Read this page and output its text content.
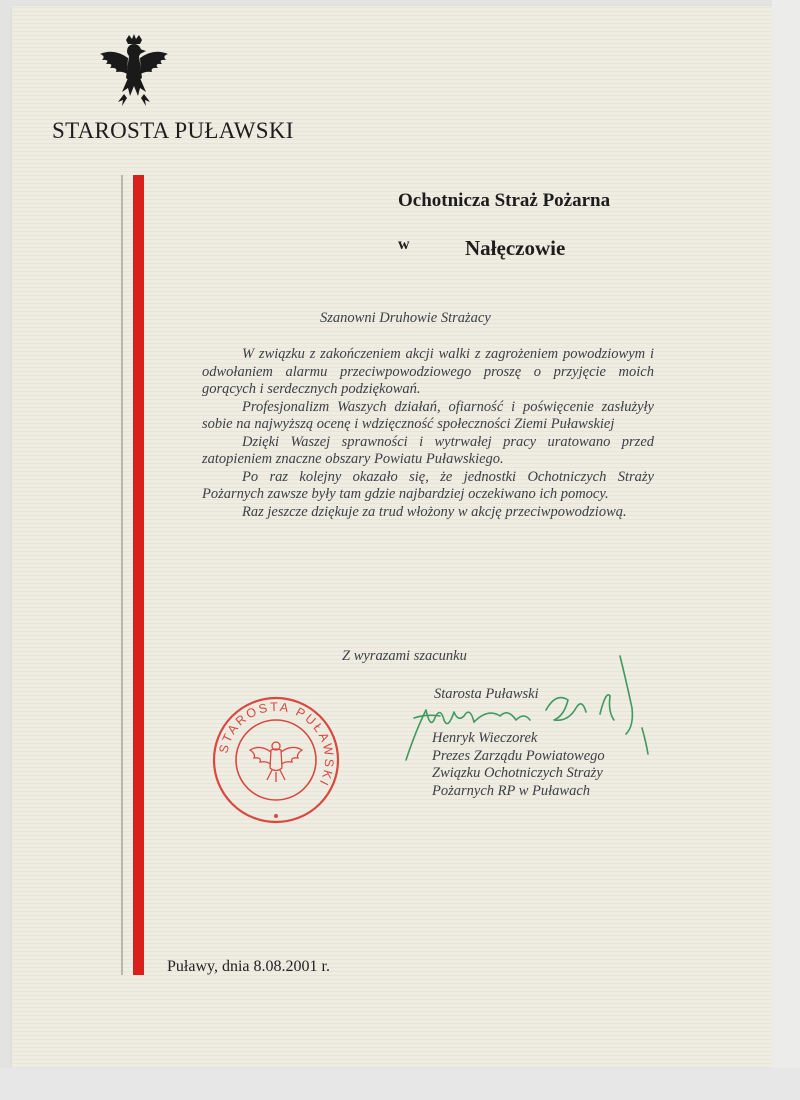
STAROSTA PUŁAWSKI
Ochotnicza Straż Pożarna
w	Nałęczowie
Szanowni Druhowie Strażacy

W związku z zakończeniem akcji walki z zagrożeniem powodziowym i odwołaniem alarmu przeciwpowodziowego proszę o przyjęcie moich gorących i serdecznych podziękowań.

Profesjonalizm Waszych działań, ofiarność i poświęcenie zasłużyły sobie na najwyższą ocenę i wdzięczność społeczności Ziemi Puławskiej

Dzięki Waszej sprawności i wytrwałej pracy uratowano przed zatopieniem znaczne obszary Powiatu Puławskiego.

Po raz kolejny okazało się, że jednostki Ochotniczych Straży Pożarnych zawsze były tam gdzie najbardziej oczekiwano ich pomocy.

Raz jeszcze dziękuje za trud włożony w akcję przeciwpowodziową.

Z wyrazami szacunku
STAROSTA PUŁAWSKI
Starosta Puławski
Henryk Wieczorek
Prezes Zarządu Powiatowego
Związku Ochotniczych Straży
Pożarnych RP w Puławach
Puławy, dnia 8.08.2001 r.
